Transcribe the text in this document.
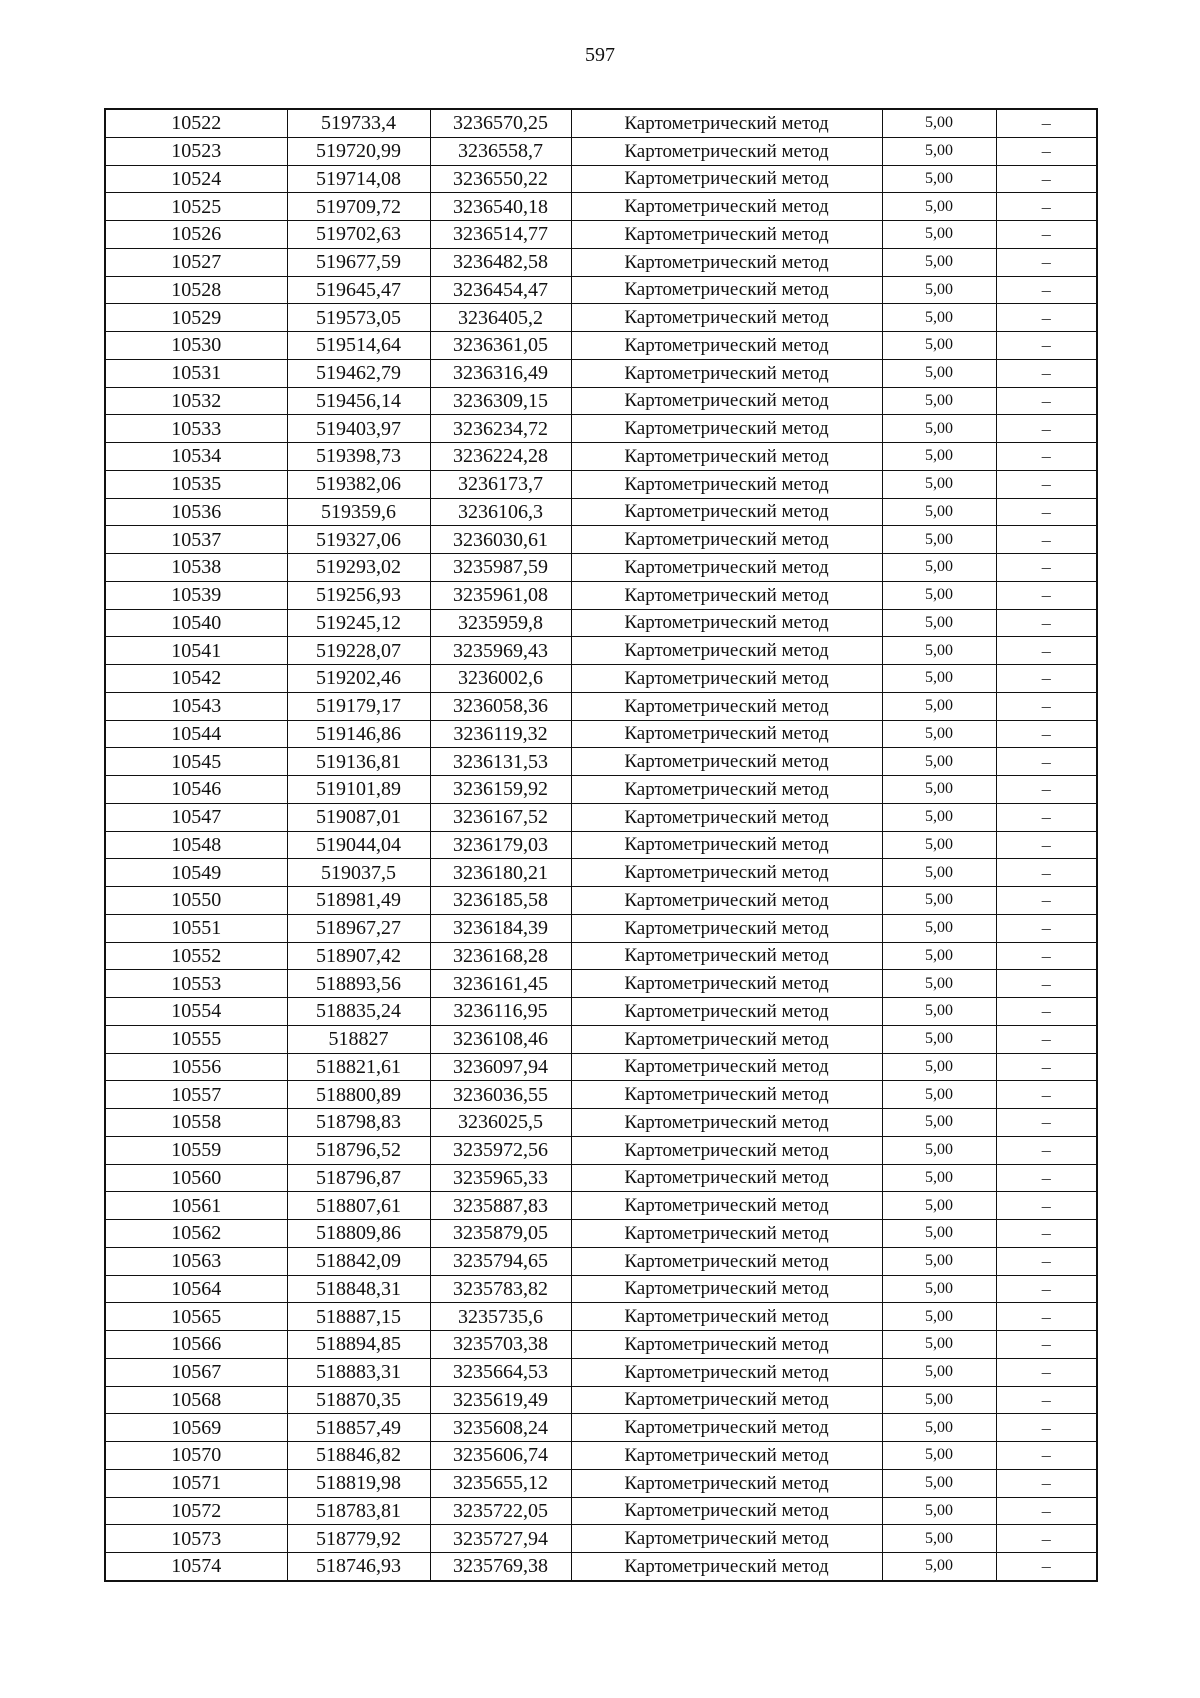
597
10522	519733,4	3236570,25	Картометрический метод	5,00	–
10523	519720,99	3236558,7	Картометрический метод	5,00	–
10524	519714,08	3236550,22	Картометрический метод	5,00	–
10525	519709,72	3236540,18	Картометрический метод	5,00	–
10526	519702,63	3236514,77	Картометрический метод	5,00	–
10527	519677,59	3236482,58	Картометрический метод	5,00	–
10528	519645,47	3236454,47	Картометрический метод	5,00	–
10529	519573,05	3236405,2	Картометрический метод	5,00	–
10530	519514,64	3236361,05	Картометрический метод	5,00	–
10531	519462,79	3236316,49	Картометрический метод	5,00	–
10532	519456,14	3236309,15	Картометрический метод	5,00	–
10533	519403,97	3236234,72	Картометрический метод	5,00	–
10534	519398,73	3236224,28	Картометрический метод	5,00	–
10535	519382,06	3236173,7	Картометрический метод	5,00	–
10536	519359,6	3236106,3	Картометрический метод	5,00	–
10537	519327,06	3236030,61	Картометрический метод	5,00	–
10538	519293,02	3235987,59	Картометрический метод	5,00	–
10539	519256,93	3235961,08	Картометрический метод	5,00	–
10540	519245,12	3235959,8	Картометрический метод	5,00	–
10541	519228,07	3235969,43	Картометрический метод	5,00	–
10542	519202,46	3236002,6	Картометрический метод	5,00	–
10543	519179,17	3236058,36	Картометрический метод	5,00	–
10544	519146,86	3236119,32	Картометрический метод	5,00	–
10545	519136,81	3236131,53	Картометрический метод	5,00	–
10546	519101,89	3236159,92	Картометрический метод	5,00	–
10547	519087,01	3236167,52	Картометрический метод	5,00	–
10548	519044,04	3236179,03	Картометрический метод	5,00	–
10549	519037,5	3236180,21	Картометрический метод	5,00	–
10550	518981,49	3236185,58	Картометрический метод	5,00	–
10551	518967,27	3236184,39	Картометрический метод	5,00	–
10552	518907,42	3236168,28	Картометрический метод	5,00	–
10553	518893,56	3236161,45	Картометрический метод	5,00	–
10554	518835,24	3236116,95	Картометрический метод	5,00	–
10555	518827	3236108,46	Картометрический метод	5,00	–
10556	518821,61	3236097,94	Картометрический метод	5,00	–
10557	518800,89	3236036,55	Картометрический метод	5,00	–
10558	518798,83	3236025,5	Картометрический метод	5,00	–
10559	518796,52	3235972,56	Картометрический метод	5,00	–
10560	518796,87	3235965,33	Картометрический метод	5,00	–
10561	518807,61	3235887,83	Картометрический метод	5,00	–
10562	518809,86	3235879,05	Картометрический метод	5,00	–
10563	518842,09	3235794,65	Картометрический метод	5,00	–
10564	518848,31	3235783,82	Картометрический метод	5,00	–
10565	518887,15	3235735,6	Картометрический метод	5,00	–
10566	518894,85	3235703,38	Картометрический метод	5,00	–
10567	518883,31	3235664,53	Картометрический метод	5,00	–
10568	518870,35	3235619,49	Картометрический метод	5,00	–
10569	518857,49	3235608,24	Картометрический метод	5,00	–
10570	518846,82	3235606,74	Картометрический метод	5,00	–
10571	518819,98	3235655,12	Картометрический метод	5,00	–
10572	518783,81	3235722,05	Картометрический метод	5,00	–
10573	518779,92	3235727,94	Картометрический метод	5,00	–
10574	518746,93	3235769,38	Картометрический метод	5,00	–
